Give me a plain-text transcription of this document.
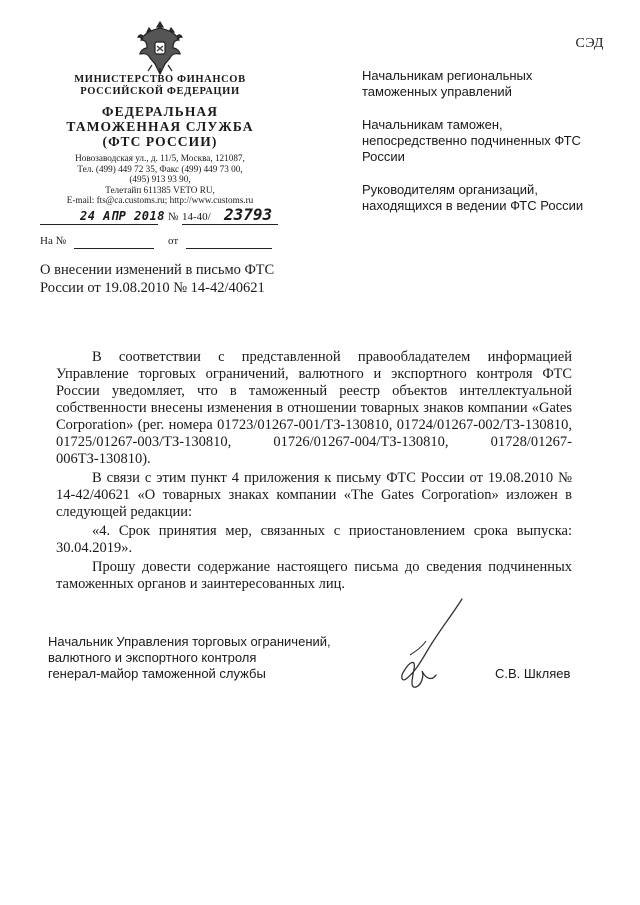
СЭД
МИНИСТЕРСТВО ФИНАНСОВ
РОССИЙСКОЙ ФЕДЕРАЦИИ
ФЕДЕРАЛЬНАЯ
ТАМОЖЕННАЯ СЛУЖБА
(ФТС РОССИИ)
Новозаводская ул., д. 11/5, Москва, 121087,
Тел. (499) 449 72 35, Факс (499) 449 73 00,
(495) 913 93 90,
Телетайп 611385 VETO RU,
E-mail: fts@ca.customs.ru; http://www.customs.ru
24 АПР 2018 № 14-40/ 23793
На №	от

Начальникам региональных таможенных управлений

Начальникам таможен, непосредственно подчиненных ФТС России

Руководителям организаций, находящихся в ведении ФТС России

О внесении изменений в письмо ФТС России от 19.08.2010 № 14-42/40621

В соответствии с представленной правообладателем информацией Управление торговых ограничений, валютного и экспортного контроля ФТС России уведомляет, что в таможенный реестр объектов интеллектуальной собственности внесены изменения в отношении товарных знаков компании «Gates Corporation» (рег. номера 01723/01267-001/ТЗ-130810, 01724/01267-002/ТЗ-130810, 01725/01267-003/ТЗ-130810, 01726/01267-004/ТЗ-130810, 01728/01267-006ТЗ-130810).

В связи с этим пункт 4 приложения к письму ФТС России от 19.08.2010 № 14-42/40621 «О товарных знаках компании «The Gates Corporation» изложен в следующей редакции:

«4. Срок принятия мер, связанных с приостановлением срока выпуска: 30.04.2019».

Прошу довести содержание настоящего письма до сведения подчиненных таможенных органов и заинтересованных лиц.

Начальник Управления торговых ограничений,
валютного и экспортного контроля
генерал-майор таможенной службы	С.В. Шкляев
